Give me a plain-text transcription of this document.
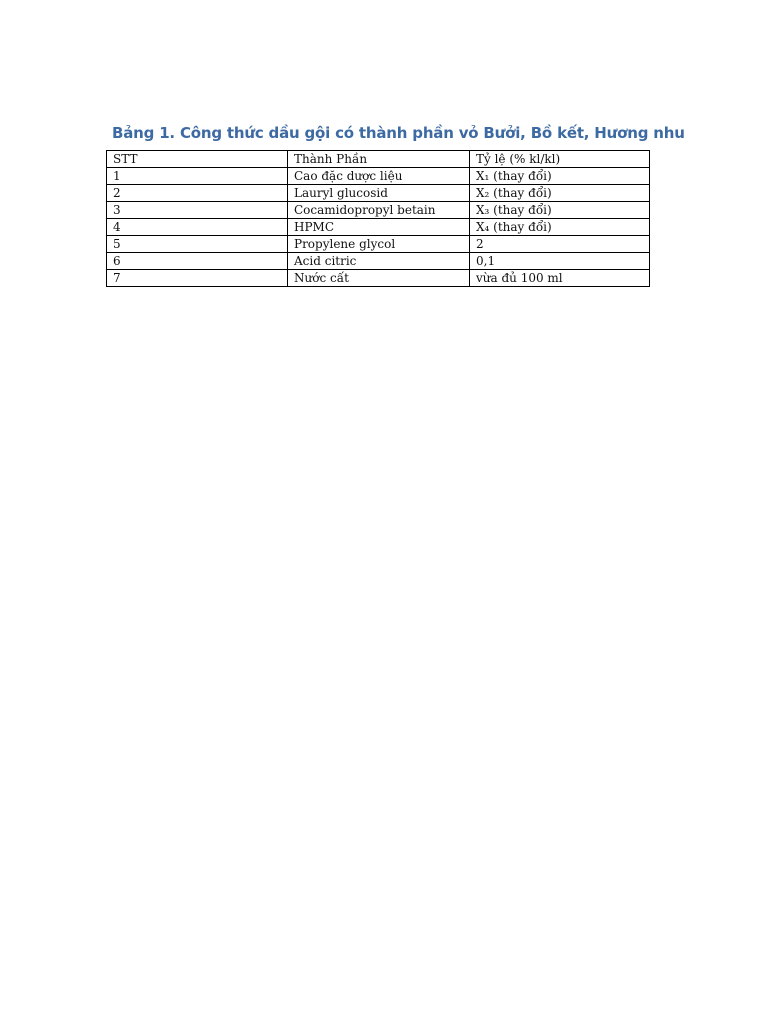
Bảng 1. Công thức dầu gội có thành phần vỏ Bưởi, Bồ kết, Hương nhu
STT	Thành Phần	Tỷ lệ (% kl/kl)
1	Cao đặc dược liệu	X₁ (thay đổi)
2	Lauryl glucosid	X₂ (thay đổi)
3	Cocamidopropyl betain	X₃ (thay đổi)
4	HPMC	X₄ (thay đổi)
5	Propylene glycol	2
6	Acid citric	0,1
7	Nước cất	vừa đủ 100 ml
